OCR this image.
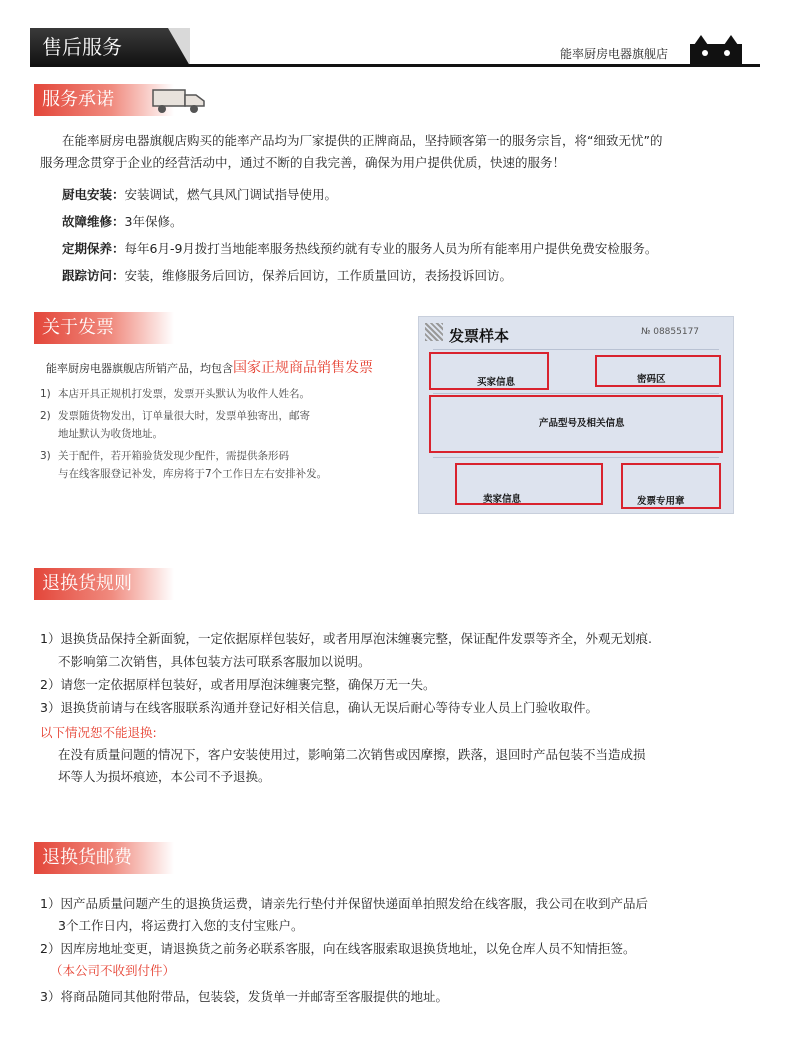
售后服务	能率厨房电器旗舰店
服务承诺
在能率厨房电器旗舰店购买的能率产品均为厂家提供的正牌商品，坚持顾客第一的服务宗旨，将“细致无忧”的
服务理念贯穿于企业的经营活动中，通过不断的自我完善，确保为用户提供优质，快速的服务！
厨电安装：安装调试，燃气具风门调试指导使用。
故障维修：3年保修。
定期保养：每年6月-9月拨打当地能率服务热线预约就有专业的服务人员为所有能率用户提供免费安检服务。
跟踪访问：安装，维修服务后回访，保养后回访，工作质量回访，表扬投诉回访。
关于发票
能率厨房电器旗舰店所销产品，均包含国家正规商品销售发票
1) 本店开具正规机打发票，发票开头默认为收件人姓名。
2) 发票随货物发出，订单量很大时，发票单独寄出，邮寄
地址默认为收货地址。
3) 关于配件，若开箱验货发现少配件，需提供条形码
与在线客服登记补发，库房将于7个工作日左右安排补发。
发票样本	№ 08855177
买家信息	密码区
产品型号及相关信息
卖家信息	发票专用章
退换货规则
1）退换货品保持全新面貌，一定依据原样包装好，或者用厚泡沫缠裹完整，保证配件发票等齐全，外观无划痕.
不影响第二次销售，具体包装方法可联系客服加以说明。
2）请您一定依据原样包装好，或者用厚泡沫缠裹完整，确保万无一失。
3）退换货前请与在线客服联系沟通并登记好相关信息，确认无误后耐心等待专业人员上门验收取件。
以下情况恕不能退换:
在没有质量问题的情况下，客户安装使用过，影响第二次销售或因摩擦，跌落，退回时产品包装不当造成损
坏等人为损坏痕迹，本公司不予退换。
退换货邮费
1）因产品质量问题产生的退换货运费，请亲先行垫付并保留快递面单拍照发给在线客服，我公司在收到产品后
3个工作日内，将运费打入您的支付宝账户。
2）因库房地址变更，请退换货之前务必联系客服，向在线客服索取退换货地址，以免仓库人员不知情拒签。
（本公司不收到付件）
3）将商品随同其他附带品，包装袋，发货单一并邮寄至客服提供的地址。
